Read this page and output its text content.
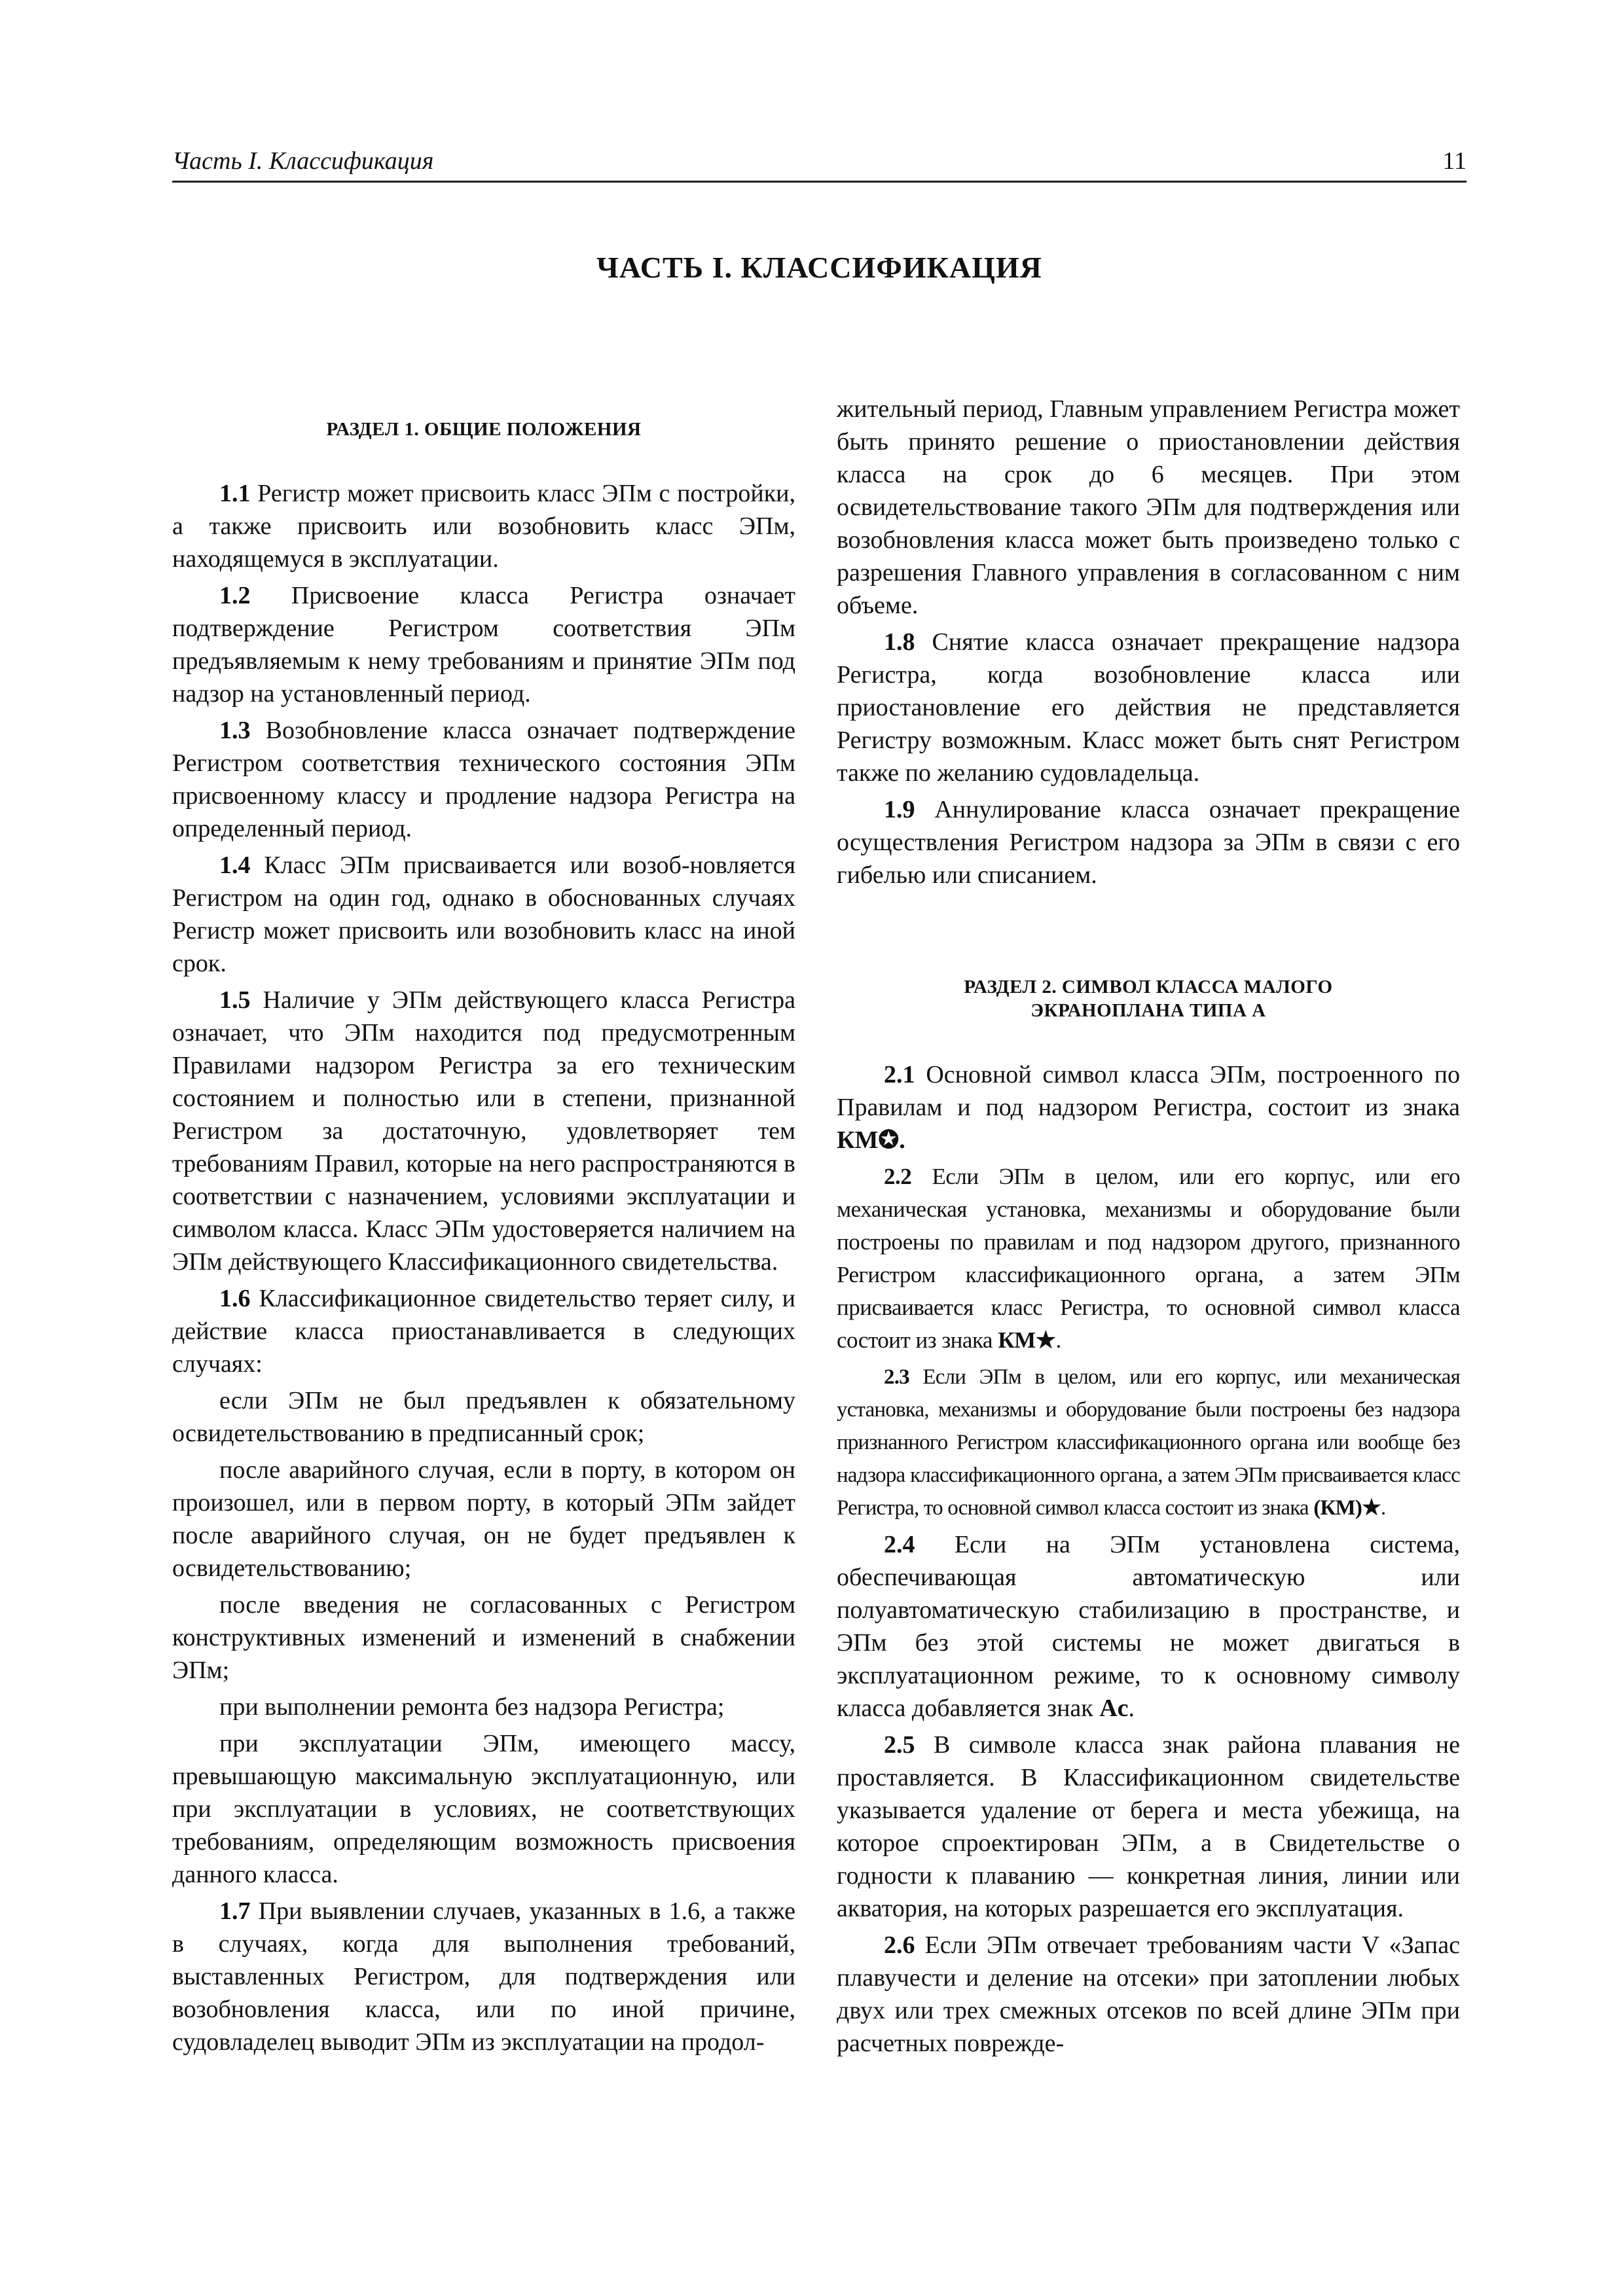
Часть I. Классификация	11
ЧАСТЬ I. КЛАССИФИКАЦИЯ
РАЗДЕЛ 1. ОБЩИЕ ПОЛОЖЕНИЯ

1.1 Регистр может присвоить класс ЭПм с постройки, а также присвоить или возобновить класс ЭПм, находящемуся в эксплуатации.

1.2 Присвоение класса Регистра означает подтверждение Регистром соответствия ЭПм предъявляемым к нему требованиям и принятие ЭПм под надзор на установленный период.

1.3 Возобновление класса означает подтверждение Регистром соответствия технического состояния ЭПм присвоенному классу и продление надзора Регистра на определенный период.

1.4 Класс ЭПм присваивается или возоб-новляется Регистром на один год, однако в обоснованных случаях Регистр может присвоить или возобновить класс на иной срок.

1.5 Наличие у ЭПм действующего класса Регистра означает, что ЭПм находится под предусмотренным Правилами надзором Регистра за его техническим состоянием и полностью или в степени, признанной Регистром за достаточную, удовлетворяет тем требованиям Правил, которые на него распространяются в соответствии с назначением, условиями эксплуатации и символом класса. Класс ЭПм удостоверяется наличием на ЭПм действующего Классификационного свидетельства.

1.6 Классификационное свидетельство теряет силу, и действие класса приостанавливается в следующих случаях:

если ЭПм не был предъявлен к обязательному освидетельствованию в предписанный срок;

после аварийного случая, если в порту, в котором он произошел, или в первом порту, в который ЭПм зайдет после аварийного случая, он не будет предъявлен к освидетельствованию;

после введения не согласованных с Регистром конструктивных изменений и изменений в снабжении ЭПм;

при выполнении ремонта без надзора Регистра;

при эксплуатации ЭПм, имеющего массу, превышающую максимальную эксплуатационную, или при эксплуатации в условиях, не соответствующих требованиям, определяющим возможность присвоения данного класса.

1.7 При выявлении случаев, указанных в 1.6, а также в случаях, когда для выполнения требований, выставленных Регистром, для подтверждения или возобновления класса, или по иной причине, судовладелец выводит ЭПм из эксплуатации на продол-

жительный период, Главным управлением Регистра может быть принято решение о приостановлении действия класса на срок до 6 месяцев. При этом освидетельствование такого ЭПм для подтверждения или возобновления класса может быть произведено только с разрешения Главного управления в согласованном с ним объеме.

1.8 Снятие класса означает прекращение надзора Регистра, когда возобновление класса или приостановление его действия не представляется Регистру возможным. Класс может быть снят Регистром также по желанию судовладельца.

1.9 Аннулирование класса означает прекращение осуществления Регистром надзора за ЭПм в связи с его гибелью или списанием.

РАЗДЕЛ 2. СИМВОЛ КЛАССА МАЛОГО
ЭКРАНОПЛАНА ТИПА А

2.1 Основной символ класса ЭПм, построенного по Правилам и под надзором Регистра, состоит из знака КМ✪.

2.2 Если ЭПм в целом, или его корпус, или его механическая установка, механизмы и оборудование были построены по правилам и под надзором другого, признанного Регистром классификационного органа, а затем ЭПм присваивается класс Регистра, то основной символ класса состоит из знака КМ★.

2.3 Если ЭПм в целом, или его корпус, или механическая установка, механизмы и оборудование были построены без надзора признанного Регистром классификационного органа или вообще без надзора классификационного органа, а затем ЭПм присваивается класс Регистра, то основной символ класса состоит из знака (КМ)★.

2.4 Если на ЭПм установлена система, обеспечивающая автоматическую или полуавтоматическую стабилизацию в пространстве, и ЭПм без этой системы не может двигаться в эксплуатационном режиме, то к основному символу класса добавляется знак Ac.

2.5 В символе класса знак района плавания не проставляется. В Классификационном свидетельстве указывается удаление от берега и места убежища, на которое спроектирован ЭПм, а в Свидетельстве о годности к плаванию — конкретная линия, линии или акватория, на которых разрешается его эксплуатация.

2.6 Если ЭПм отвечает требованиям части V «Запас плавучести и деление на отсеки» при затоплении любых двух или трех смежных отсеков по всей длине ЭПм при расчетных поврежде-
